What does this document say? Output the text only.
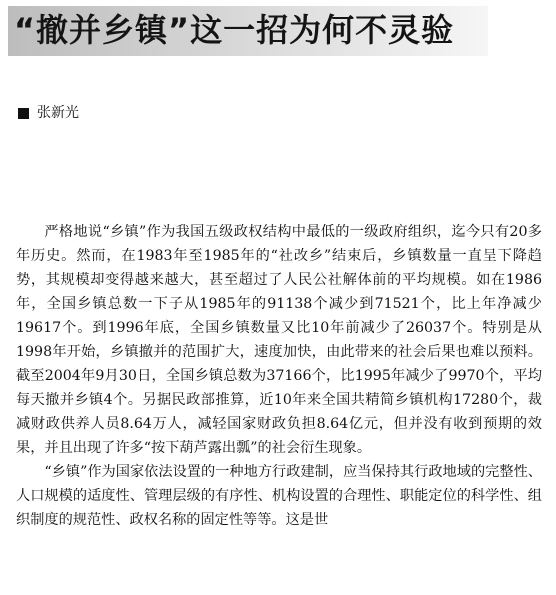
“撤并乡镇”这一招为何不灵验
张新光

严格地说“乡镇”作为我国五级政权结构中最低的一级政府组织，迄今只有20多年历史。然而，在1983年至1985年的“社改乡”结束后，乡镇数量一直呈下降趋势，其规模却变得越来越大，甚至超过了人民公社解体前的平均规模。如在1986年，全国乡镇总数一下子从1985年的91138个减少到71521个，比上年净减少19617个。到1996年底，全国乡镇数量又比10年前减少了26037个。特别是从1998年开始，乡镇撤并的范围扩大，速度加快，由此带来的社会后果也难以预料。截至2004年9月30日，全国乡镇总数为37166个，比1995年减少了9970个，平均每天撤并乡镇4个。另据民政部推算，近10年来全国共精简乡镇机构17280个，裁减财政供养人员8.64万人，减轻国家财政负担8.64亿元，但并没有收到预期的效果，并且出现了许多“按下葫芦露出瓢”的社会衍生现象。

“乡镇”作为国家依法设置的一种地方行政建制，应当保持其行政地域的完整性、人口规模的适度性、管理层级的有序性、机构设置的合理性、职能定位的科学性、组织制度的规范性、政权名称的固定性等等。这是世
